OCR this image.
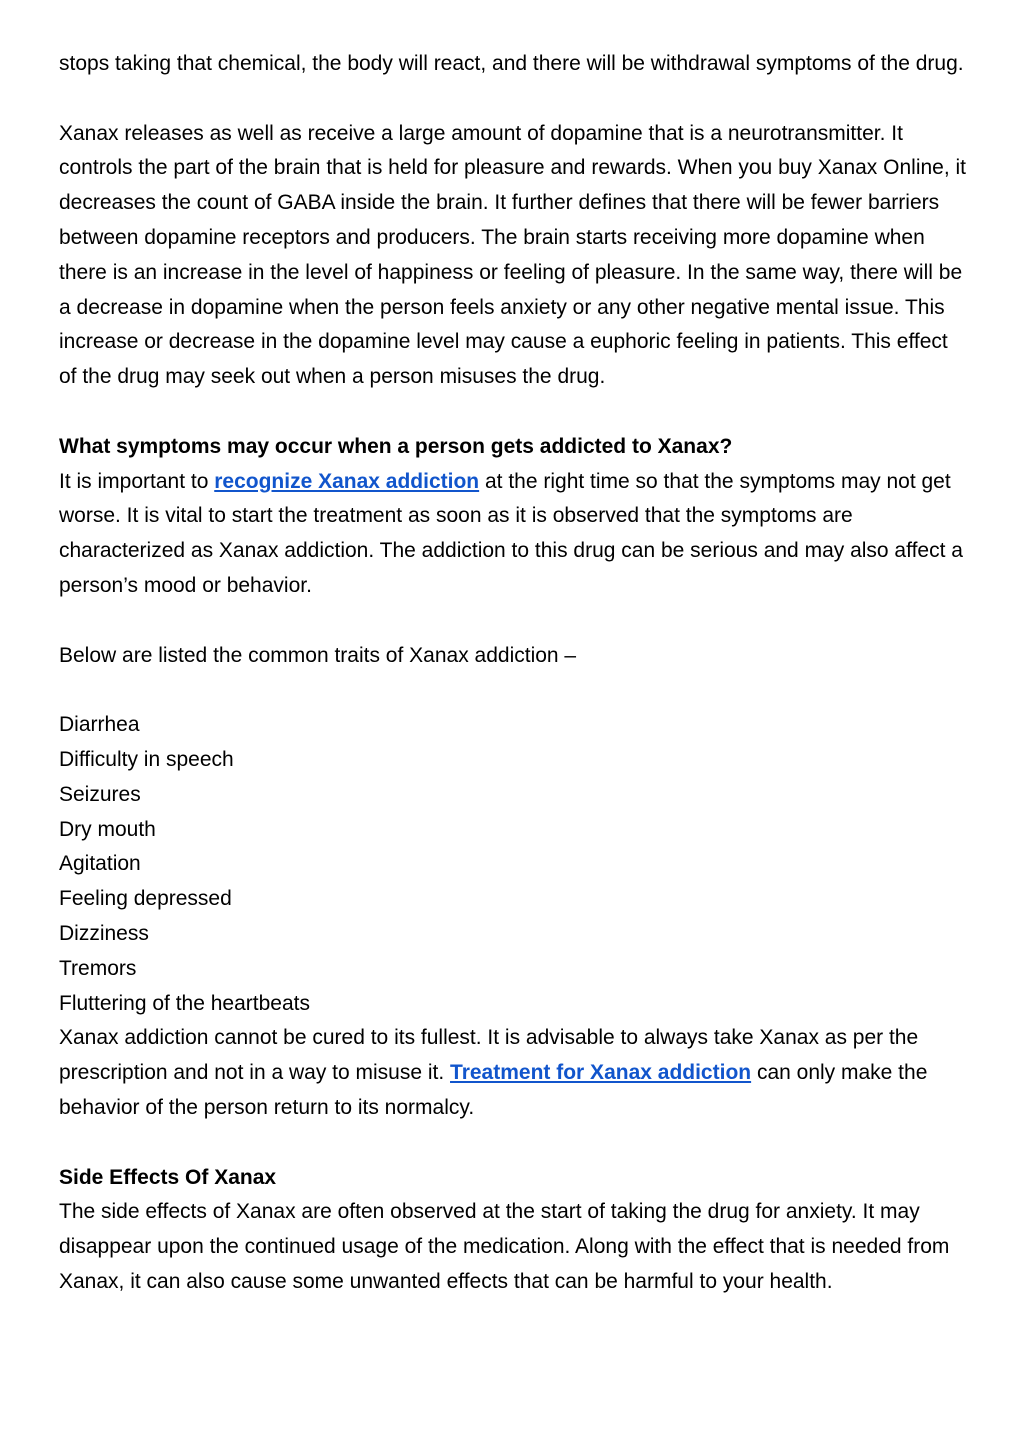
stops taking that chemical, the body will react, and there will be withdrawal symptoms of the drug.

Xanax releases as well as receive a large amount of dopamine that is a neurotransmitter. It controls the part of the brain that is held for pleasure and rewards. When you buy Xanax Online, it decreases the count of GABA inside the brain. It further defines that there will be fewer barriers between dopamine receptors and producers. The brain starts receiving more dopamine when there is an increase in the level of happiness or feeling of pleasure. In the same way, there will be a decrease in dopamine when the person feels anxiety or any other negative mental issue. This increase or decrease in the dopamine level may cause a euphoric feeling in patients. This effect of the drug may seek out when a person misuses the drug.

What symptoms may occur when a person gets addicted to Xanax?

It is important to recognize Xanax addiction at the right time so that the symptoms may not get worse. It is vital to start the treatment as soon as it is observed that the symptoms are characterized as Xanax addiction. The addiction to this drug can be serious and may also affect a person’s mood or behavior.

Below are listed the common traits of Xanax addiction –

Diarrhea
Difficulty in speech
Seizures
Dry mouth
Agitation
Feeling depressed
Dizziness
Tremors
Fluttering of the heartbeats

Xanax addiction cannot be cured to its fullest. It is advisable to always take Xanax as per the prescription and not in a way to misuse it. Treatment for Xanax addiction can only make the behavior of the person return to its normalcy.

Side Effects Of Xanax

The side effects of Xanax are often observed at the start of taking the drug for anxiety. It may disappear upon the continued usage of the medication. Along with the effect that is needed from Xanax, it can also cause some unwanted effects that can be harmful to your health.
